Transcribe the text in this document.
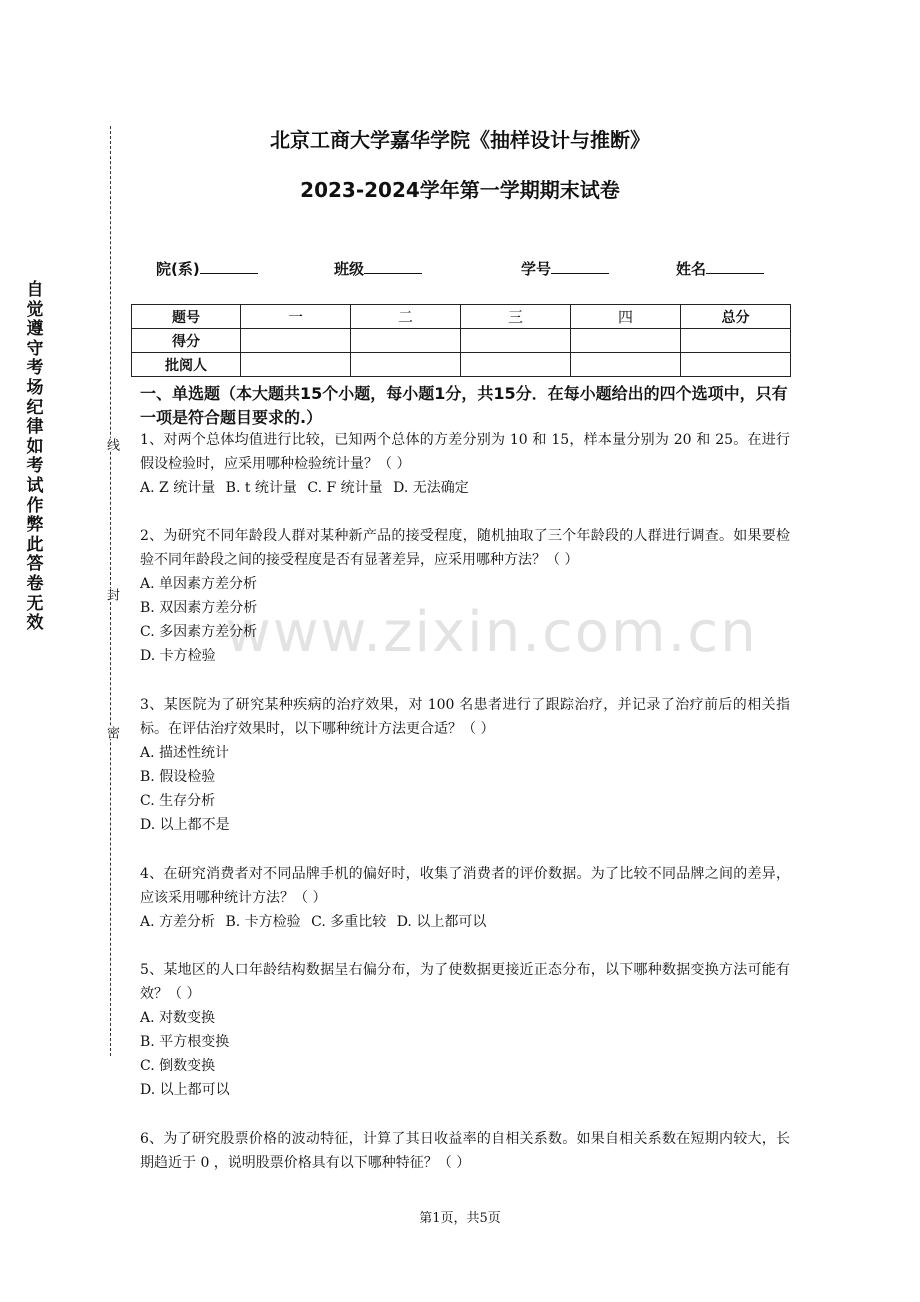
自觉遵守考场纪律如考试作弊此答卷无效
线
封
密
北京工商大学嘉华学院《抽样设计与推断》
2023-2024学年第一学期期末试卷
院(系)	班级	学号	姓名
题号	一	二	三	四	总分
得分					
批阅人					
一、单选题（本大题共15个小题，每小题1分，共15分．在每小题给出的四个选项中，只有一项是符合题目要求的.）

1、对两个总体均值进行比较，已知两个总体的方差分别为 10 和 15，样本量分别为 20 和 25。在进行假设检验时，应采用哪种检验统计量？（ ）

A. Z 统计量 B. t 统计量 C. F 统计量 D. 无法确定

2、为研究不同年龄段人群对某种新产品的接受程度，随机抽取了三个年龄段的人群进行调查。如果要检验不同年龄段之间的接受程度是否有显著差异，应采用哪种方法？（ ）

A. 单因素方差分析

B. 双因素方差分析

C. 多因素方差分析

D. 卡方检验

3、某医院为了研究某种疾病的治疗效果，对 100 名患者进行了跟踪治疗，并记录了治疗前后的相关指标。在评估治疗效果时，以下哪种统计方法更合适？（ ）

A. 描述性统计

B. 假设检验

C. 生存分析

D. 以上都不是

4、在研究消费者对不同品牌手机的偏好时，收集了消费者的评价数据。为了比较不同品牌之间的差异，应该采用哪种统计方法？（ ）

A. 方差分析 B. 卡方检验 C. 多重比较 D. 以上都可以

5、某地区的人口年龄结构数据呈右偏分布，为了使数据更接近正态分布，以下哪种数据变换方法可能有效？（ ）

A. 对数变换

B. 平方根变换

C. 倒数变换

D. 以上都可以

6、为了研究股票价格的波动特征，计算了其日收益率的自相关系数。如果自相关系数在短期内较大，长期趋近于 0 ，说明股票价格具有以下哪种特征？（ ）

www.zixin.com.cn
第1页，共5页
